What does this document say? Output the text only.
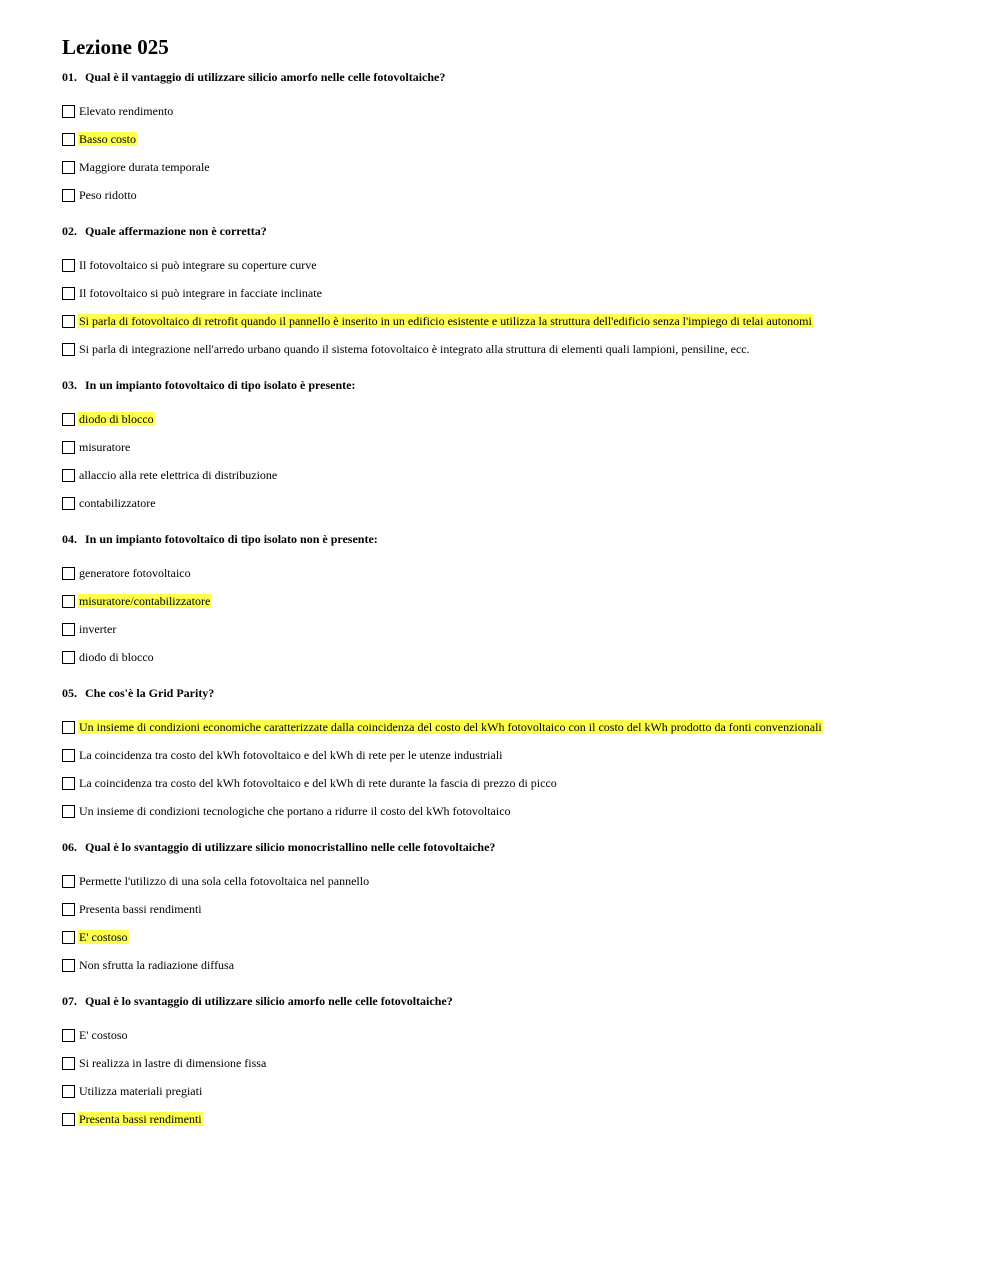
Lezione 025
01. Qual è il vantaggio di utilizzare silicio amorfo nelle celle fotovoltaiche?
Elevato rendimento
Basso costo
Maggiore durata temporale
Peso ridotto
02. Quale affermazione non è corretta?
Il fotovoltaico si può integrare su coperture curve
Il fotovoltaico si può integrare in facciate inclinate
Si parla di fotovoltaico di retrofit quando il pannello è inserito in un edificio esistente e utilizza la struttura dell'edificio senza l'impiego di telai autonomi
Si parla di integrazione nell'arredo urbano quando il sistema fotovoltaico è integrato alla struttura di elementi quali lampioni, pensiline, ecc.
03. In un impianto fotovoltaico di tipo isolato è presente:
diodo di blocco
misuratore
allaccio alla rete elettrica di distribuzione
contabilizzatore
04. In un impianto fotovoltaico di tipo isolato non è presente:
generatore fotovoltaico
misuratore/contabilizzatore
inverter
diodo di blocco
05. Che cos'è la Grid Parity?
Un insieme di condizioni economiche caratterizzate dalla coincidenza del costo del kWh fotovoltaico con il costo del kWh prodotto da fonti convenzionali
La coincidenza tra costo del kWh fotovoltaico e del kWh di rete per le utenze industriali
La coincidenza tra costo del kWh fotovoltaico e del kWh di rete durante la fascia di prezzo di picco
Un insieme di condizioni tecnologiche che portano a ridurre il costo del kWh fotovoltaico
06. Qual è lo svantaggio di utilizzare silicio monocristallino nelle celle fotovoltaiche?
Permette l'utilizzo di una sola cella fotovoltaica nel pannello
Presenta bassi rendimenti
E' costoso
Non sfrutta la radiazione diffusa
07. Qual è lo svantaggio di utilizzare silicio amorfo nelle celle fotovoltaiche?
E' costoso
Si realizza in lastre di dimensione fissa
Utilizza materiali pregiati
Presenta bassi rendimenti
